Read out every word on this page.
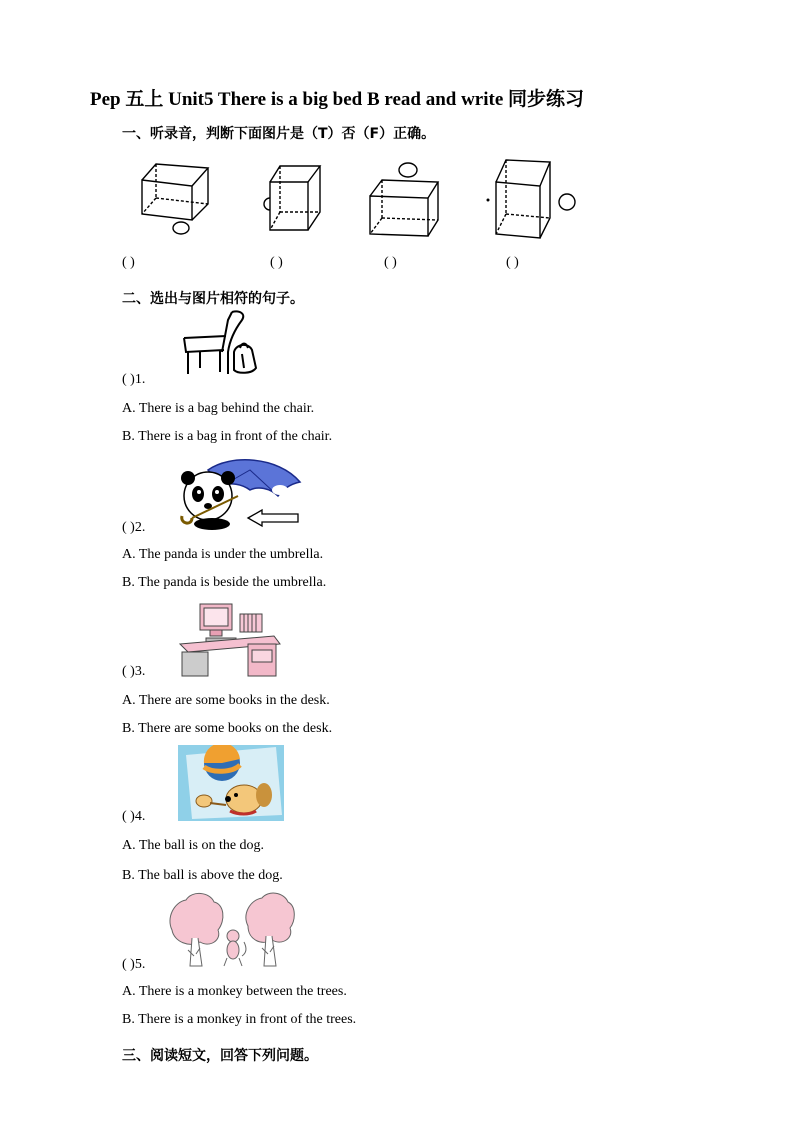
Pep 五上 Unit5 There is a big bed B read and write 同步练习
一、听录音，判断下面图片是（T）否（F）正确。
( )	( )	( )	( )
二、选出与图片相符的句子。
( )1.
A. There is a bag behind the chair.
B. There is a bag in front of the chair.
( )2.
A. The panda is under the umbrella.
B. The panda is beside the umbrella.
( )3.
A. There are some books in the desk.
B. There are some books on the desk.
( )4.
A. The ball is on the dog.
B. The ball is above the dog.
( )5.
A. There is a monkey between the trees.
B. There is a monkey in front of the trees.
三、阅读短文，回答下列问题。
